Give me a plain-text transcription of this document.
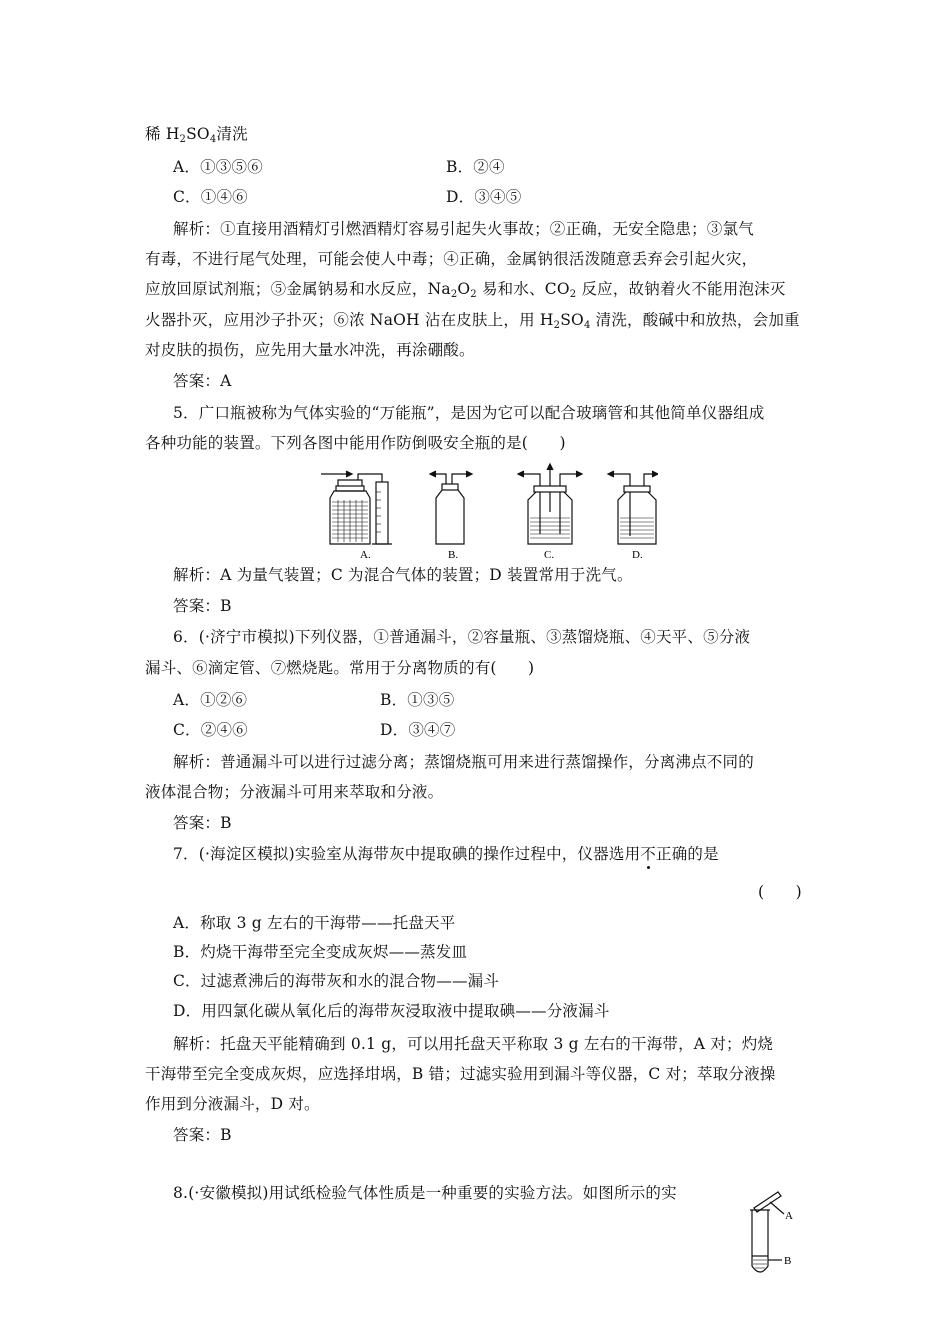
稀 $H_2SO_4$清洗
A．①③⑤⑥	B．②④
C．①④⑥	D．③④⑤
解析：①直接用酒精灯引燃酒精灯容易引起失火事故；②正确，无安全隐患；③氯气
有毒，不进行尾气处理，可能会使人中毒；④正确，金属钠很活泼随意丢弃会引起火灾，
应放回原试剂瓶；⑤金属钠易和水反应，$Na_2O_2$ 易和水、$CO_2$ 反应，故钠着火不能用泡沫灭
火器扑灭，应用沙子扑灭；⑥浓 NaOH 沾在皮肤上，用 $H_2SO_4$ 清洗，酸碱中和放热，会加重
对皮肤的损伤，应先用大量水冲洗，再涂硼酸。
答案：A
5．广口瓶被称为气体实验的“万能瓶”，是因为它可以配合玻璃管和其他简单仪器组成
各种功能的装置。下列各图中能用作防倒吸安全瓶的是(　　)
A.	B.	C.	D.
解析：A 为量气装置；C 为混合气体的装置；D 装置常用于洗气。
答案：B
6．(·济宁市模拟)下列仪器，①普通漏斗，②容量瓶、③蒸馏烧瓶、④天平、⑤分液
漏斗、⑥滴定管、⑦燃烧匙。常用于分离物质的有(　　)
A．①②⑥	B．①③⑤
C．②④⑥	D．③④⑦
解析：普通漏斗可以进行过滤分离；蒸馏烧瓶可用来进行蒸馏操作，分离沸点不同的
液体混合物；分液漏斗可用来萃取和分液。
答案：B
7．(·海淀区模拟)实验室从海带灰中提取碘的操作过程中，仪器选用不正确的是
(　　)
A．称取 3 g 左右的干海带——托盘天平
B．灼烧干海带至完全变成灰烬——蒸发皿
C．过滤煮沸后的海带灰和水的混合物——漏斗
D．用四氯化碳从氧化后的海带灰浸取液中提取碘——分液漏斗
解析：托盘天平能精确到 0.1 g，可以用托盘天平称取 3 g 左右的干海带，A 对；灼烧
干海带至完全变成灰烬，应选择坩埚，B 错；过滤实验用到漏斗等仪器，C 对；萃取分液操
作用到分液漏斗，D 对。
答案：B
8.(·安徽模拟)用试纸检验气体性质是一种重要的实验方法。如图所示的实
A
B
